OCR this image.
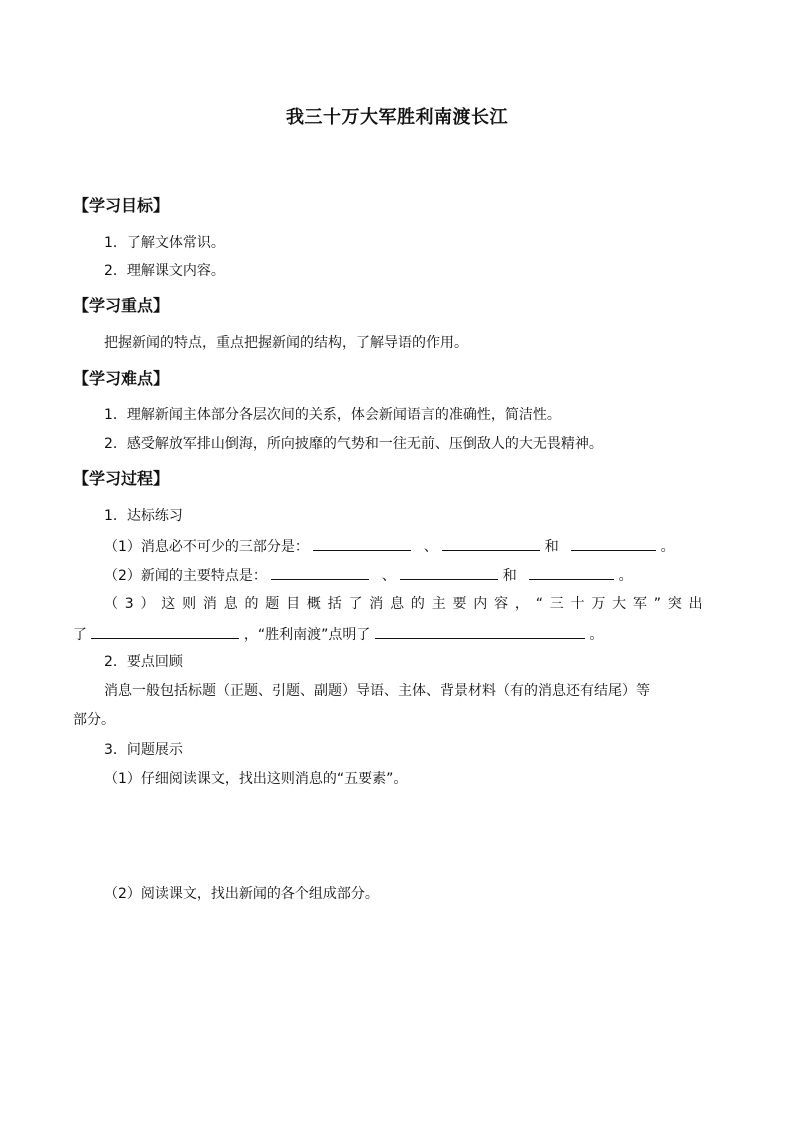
我三十万大军胜利南渡长江
【学习目标】
1．了解文体常识。
2．理解课文内容。
【学习重点】
把握新闻的特点，重点把握新闻的结构，了解导语的作用。
【学习难点】
1．理解新闻主体部分各层次间的关系，体会新闻语言的准确性，简洁性。
2．感受解放军排山倒海，所向披靡的气势和一往无前、压倒敌人的大无畏精神。
【学习过程】
1．达标练习
（1）消息必不可少的三部分是：	、	和	。
（2）新闻的主要特点是：	、	和	。
（3）这则消息的题目概括了消息的主要内容，“三十万大军”突出
了	，“胜利南渡”点明了	。
2．要点回顾
消息一般包括标题（正题、引题、副题）导语、主体、背景材料（有的消息还有结尾）等
部分。
3．问题展示
（1）仔细阅读课文，找出这则消息的“五要素”。
（2）阅读课文，找出新闻的各个组成部分。
